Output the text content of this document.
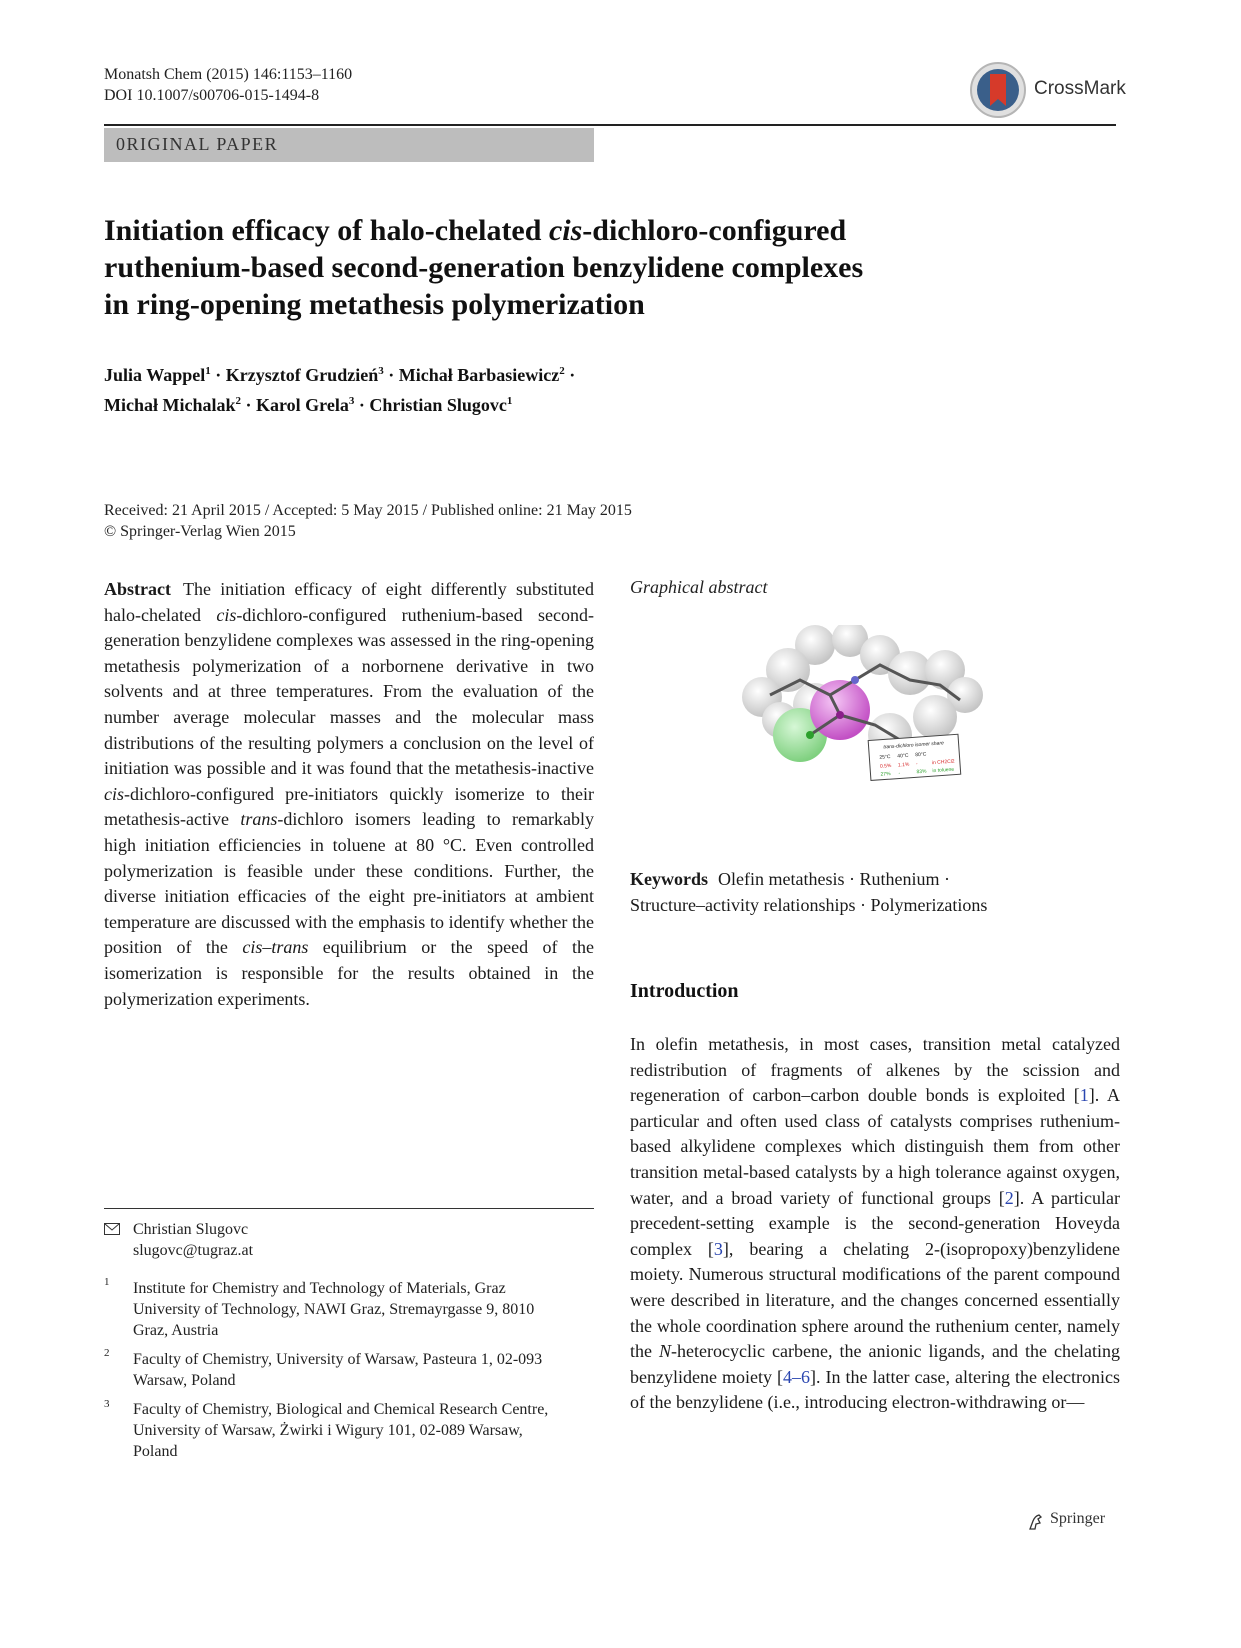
Monatsh Chem (2015) 146:1153–1160
DOI 10.1007/s00706-015-1494-8	CrossMark
0RIGINAL PAPER
Initiation efficacy of halo-chelated cis-dichloro-configured
ruthenium-based second-generation benzylidene complexes
in ring-opening metathesis polymerization
Julia Wappel$^1$ · Krzysztof Grudzień$^3$ · Michał Barbasiewicz$^2$ ·
Michał Michalak$^2$ · Karol Grela$^3$ · Christian Slugovc$^1$
Received: 21 April 2015 / Accepted: 5 May 2015 / Published online: 21 May 2015
© Springer-Verlag Wien 2015
Abstract The initiation efficacy of eight differently substituted halo-chelated cis-dichloro-configured ruthenium-based second-generation benzylidene complexes was assessed in the ring-opening metathesis polymerization of a norbornene derivative in two solvents and at three temperatures. From the evaluation of the number average molecular masses and the molecular mass distributions of the resulting polymers a conclusion on the level of initiation was possible and it was found that the metathesis-inactive cis-dichloro-configured pre-initiators quickly isomerize to their metathesis-active trans-dichloro isomers leading to remarkably high initiation efficiencies in toluene at 80 °C. Even controlled polymerization is feasible under these conditions. Further, the diverse initiation efficacies of the eight pre-initiators at ambient temperature are discussed with the emphasis to identify whether the position of the cis–trans equilibrium or the speed of the isomerization is responsible for the results obtained in the polymerization experiments.
Graphical abstract
trans-dichloro isomer share
25°C 40°C 80°C
0.5% 1.1% -	in CH2Cl2
27% -	83% in toluene
Keywords Olefin metathesis · Ruthenium ·
Structure–activity relationships · Polymerizations
Introduction
In olefin metathesis, in most cases, transition metal catalyzed redistribution of fragments of alkenes by the scission and regeneration of carbon–carbon double bonds is exploited [1]. A particular and often used class of catalysts comprises ruthenium-based alkylidene complexes which distinguish them from other transition metal-based catalysts by a high tolerance against oxygen, water, and a broad variety of functional groups [2]. A particular precedent-setting example is the second-generation Hoveyda complex [3], bearing a chelating 2-(isopropoxy)benzylidene moiety. Numerous structural modifications of the parent compound were described in literature, and the changes concerned essentially the whole coordination sphere around the ruthenium center, namely the N-heterocyclic carbene, the anionic ligands, and the chelating benzylidene moiety [4–6]. In the latter case, altering the electronics of the benzylidene (i.e., introducing electron-withdrawing or—
Christian Slugovc
slugovc@tugraz.at
1 Institute for Chemistry and Technology of Materials, Graz University of Technology, NAWI Graz, Stremayrgasse 9, 8010 Graz, Austria
2 Faculty of Chemistry, University of Warsaw, Pasteura 1, 02-093 Warsaw, Poland
3 Faculty of Chemistry, Biological and Chemical Research Centre, University of Warsaw, Żwirki i Wigury 101, 02-089 Warsaw, Poland
Springer
